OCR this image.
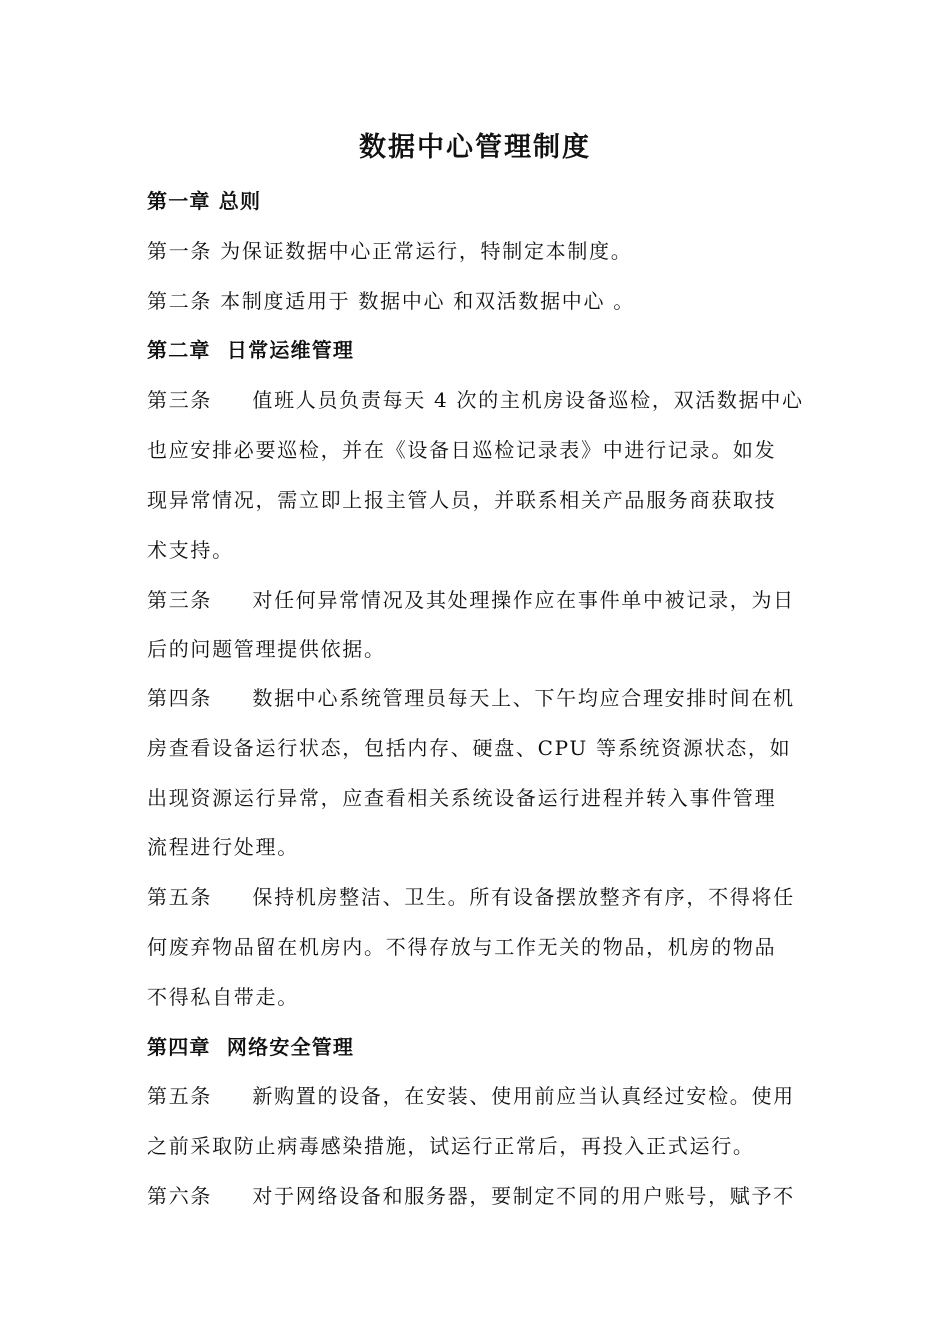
数据中心管理制度
第一章 总则
第一条 为保证数据中心正常运行，特制定本制度。
第二条 本制度适用于 数据中心 和双活数据中心 。
第二章  日常运维管理
第三条     值班人员负责每天 4 次的主机房设备巡检，双活数据中心
也应安排必要巡检，并在《设备日巡检记录表》中进行记录。如发
现异常情况，需立即上报主管人员，并联系相关产品服务商获取技
术支持。
第三条     对任何异常情况及其处理操作应在事件单中被记录，为日
后的问题管理提供依据。
第四条     数据中心系统管理员每天上、下午均应合理安排时间在机
房查看设备运行状态，包括内存、硬盘、CPU 等系统资源状态，如
出现资源运行异常，应查看相关系统设备运行进程并转入事件管理
流程进行处理。
第五条     保持机房整洁、卫生。所有设备摆放整齐有序，不得将任
何废弃物品留在机房内。不得存放与工作无关的物品，机房的物品
不得私自带走。
第四章  网络安全管理
第五条     新购置的设备，在安装、使用前应当认真经过安检。使用
之前采取防止病毒感染措施，试运行正常后，再投入正式运行。
第六条     对于网络设备和服务器，要制定不同的用户账号，赋予不
